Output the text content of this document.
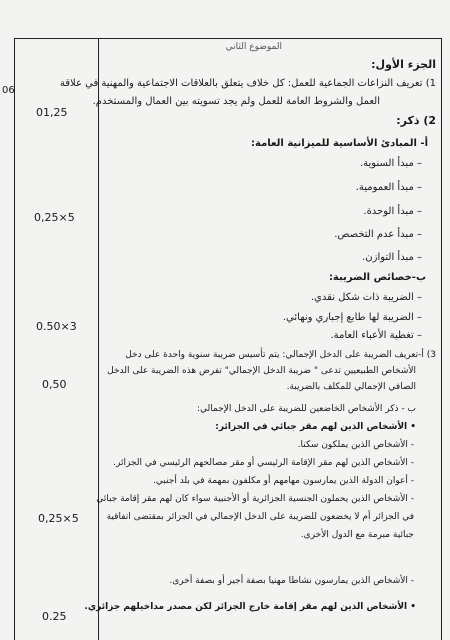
الموضوع الثاني
06
01,25
0,25×5
0.50×3
0,50
0,25×5
0.25
الجزء الأول:
1) تعريف النزاعات الجماعية للعمل: كل خلاف يتعلق بالعلاقات الاجتماعية والمهنية في علاقة
العمل والشروط العامة للعمل ولم يجد تسويته بين العمال والمستخدم.
2) ذكر:
أ- المبادئ الأساسية للميزانية العامة:
– مبدأ السنوية.
– مبدأ العمومية.
– مبدأ الوحدة.
– مبدأ عدم التخصص.
– مبدأ التوازن.
ب-خصائص الضريبة:
– الضريبة ذات شكل نقدي.
– الضريبة لها طابع إجباري ونهائي.
– تغطية الأعباء العامة.
3) أ-تعريف الضريبة على الدخل الإجمالي: يتم تأسيس ضريبة سنوية واحدة على دخل
الأشخاص الطبيعيين تدعى " ضريبة الدخل الإجمالي" تفرض هذه الضريبة على الدخل
الصافي الإجمالي للمكلف بالضريبة.
ب - ذكر الأشخاص الخاضعين للضريبة على الدخل الإجمالي:
• الأشخاص الذين لهم مقر جبائي في الجزائر:
- الأشخاص الذين يملكون سكنا.
- الأشخاص الذين لهم مقر الإقامة الرئيسي أو مقر مصالحهم الرئيسي في الجزائر.
- أعوان الدولة الذين يمارسون مهامهم أو مكلفون بمهمة في بلد أجنبي.
- الأشخاص الذين يحملون الجنسية الجزائرية أو الأجنبية سواء كان لهم مقر إقامة جبائي
في الجزائر أم لا يخضعون للضريبة على الدخل الإجمالي في الجزائر بمقتضى اتفاقية
جبائية مبرمة مع الدول الأخرى.
- الأشخاص الذين يمارسون نشاطا مهنيا بصفة أجير أو بصفة أخرى.
• الأشخاص الذين لهم مقر إقامة خارج الجزائر لكن مصدر مداخيلهم جزائري.
